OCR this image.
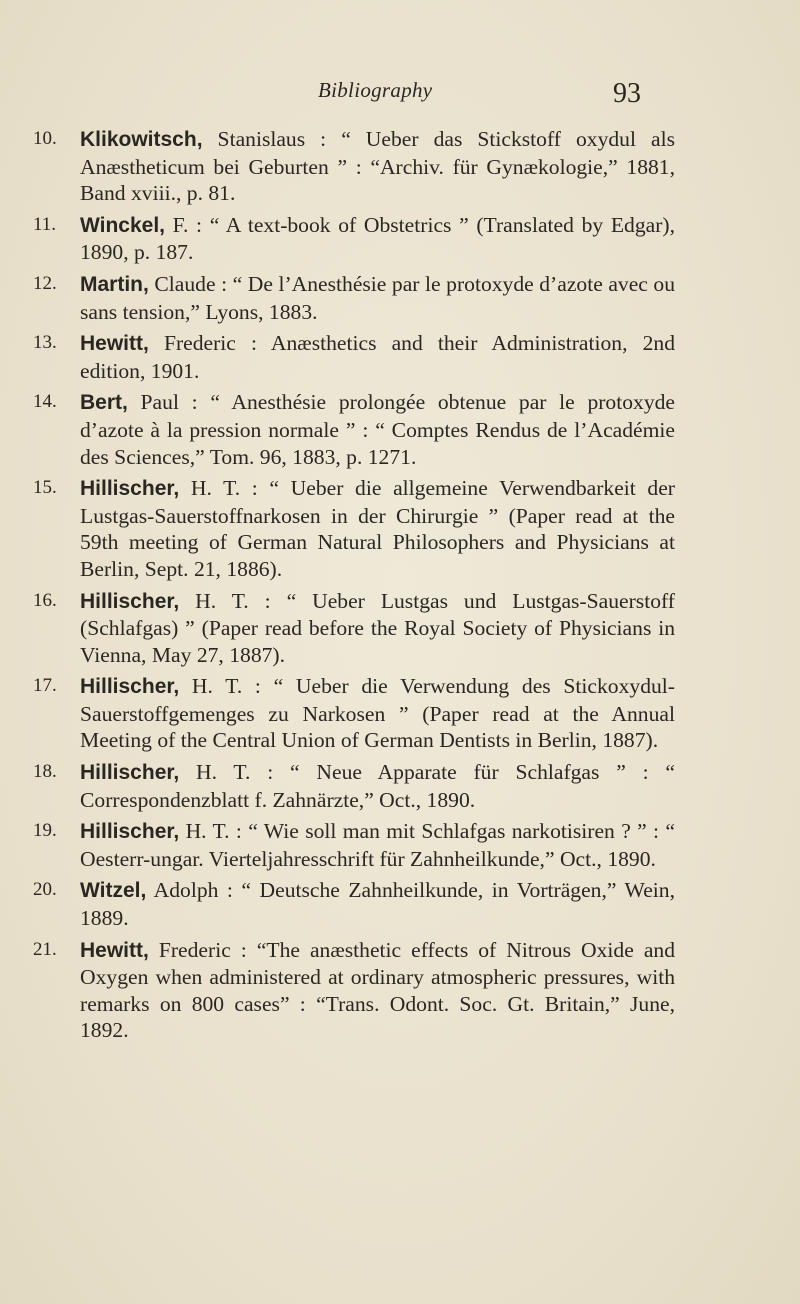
Bibliography	93
10. Klikowitsch, Stanislaus : “ Ueber das Stickstoff oxydul als Anæstheticum bei Geburten ” : “Archiv. für Gynækologie,” 1881, Band xviii., p. 81.
11. Winckel, F. : “ A text-book of Obstetrics ” (Translated by Edgar), 1890, p. 187.
12. Martin, Claude : “ De l’Anesthésie par le protoxyde d’azote avec ou sans tension,” Lyons, 1883.
13. Hewitt, Frederic : Anæsthetics and their Administration, 2nd edition, 1901.
14. Bert, Paul : “ Anesthésie prolongée obtenue par le protoxyde d’azote à la pression normale ” : “ Comptes Rendus de l’Académie des Sciences,” Tom. 96, 1883, p. 1271.
15. Hillischer, H. T. : “ Ueber die allgemeine Verwendbarkeit der Lustgas-Sauerstoffnarkosen in der Chirurgie ” (Paper read at the 59th meeting of German Natural Philosophers and Physicians at Berlin, Sept. 21, 1886).
16. Hillischer, H. T. : “ Ueber Lustgas und Lustgas-Sauerstoff (Schlafgas) ” (Paper read before the Royal Society of Physicians in Vienna, May 27, 1887).
17. Hillischer, H. T. : “ Ueber die Verwendung des Stickoxydul-Sauerstoffgemenges zu Narkosen ” (Paper read at the Annual Meeting of the Central Union of German Dentists in Berlin, 1887).
18. Hillischer, H. T. : “ Neue Apparate für Schlafgas ” : “ Correspondenzblatt f. Zahnärzte,” Oct., 1890.
19. Hillischer, H. T. : “ Wie soll man mit Schlafgas narkotisiren ? ” : “ Oesterr-ungar. Vierteljahresschrift für Zahnheilkunde,” Oct., 1890.
20. Witzel, Adolph : “ Deutsche Zahnheilkunde, in Vorträgen,” Wein, 1889.
21. Hewitt, Frederic : “The anæsthetic effects of Nitrous Oxide and Oxygen when administered at ordinary atmospheric pressures, with remarks on 800 cases” : “Trans. Odont. Soc. Gt. Britain,” June, 1892.
